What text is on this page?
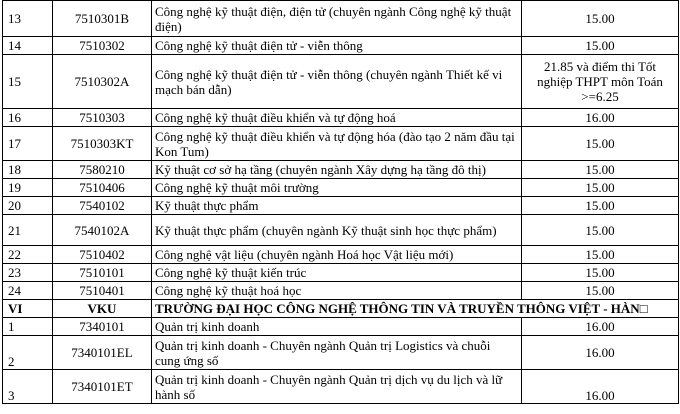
13	7510301B	Công nghệ kỹ thuật điện, điện tử (chuyên ngành Công nghệ kỹ thuật điện)	15.00
14	7510302	Công nghệ kỹ thuật điện tử - viễn thông	15.00
15	7510302A	Công nghệ kỹ thuật điện tử - viễn thông (chuyên ngành Thiết kế vi mạch bán dẫn)	21.85 và điểm thi Tốt nghiệp THPT môn Toán >=6.25
16	7510303	Công nghệ kỹ thuật điều khiển và tự động hoá	16.00
17	7510303KT	Công nghệ kỹ thuật điều khiển và tự động hóa (đào tạo 2 năm đầu tại Kon Tum)	15.00
18	7580210	Kỹ thuật cơ sở hạ tầng (chuyên ngành Xây dựng hạ tầng đô thị)	15.00
19	7510406	Công nghệ kỹ thuật môi trường	15.00
20	7540102	Kỹ thuật thực phẩm	15.00
21	7540102A	Kỹ thuật thực phẩm (chuyên ngành Kỹ thuật sinh học thực phẩm)	15.00
22	7510402	Công nghệ vật liệu (chuyên ngành Hoá học Vật liệu mới)	15.00
23	7510101	Công nghệ kỹ thuật kiến trúc	15.00
24	7510401	Công nghệ kỹ thuật hoá học	15.00
VI	VKU	TRƯỜNG ĐẠI HỌC CÔNG NGHỆ THÔNG TIN VÀ TRUYỀN THÔNG VIỆT - HÀN□	
1	7340101	Quản trị kinh doanh	16.00
2	7340101EL	Quản trị kinh doanh - Chuyên ngành Quản trị Logistics và chuỗi cung ứng số	16.00
3	7340101ET	Quản trị kinh doanh - Chuyên ngành Quản trị dịch vụ du lịch và lữ hành số	16.00
